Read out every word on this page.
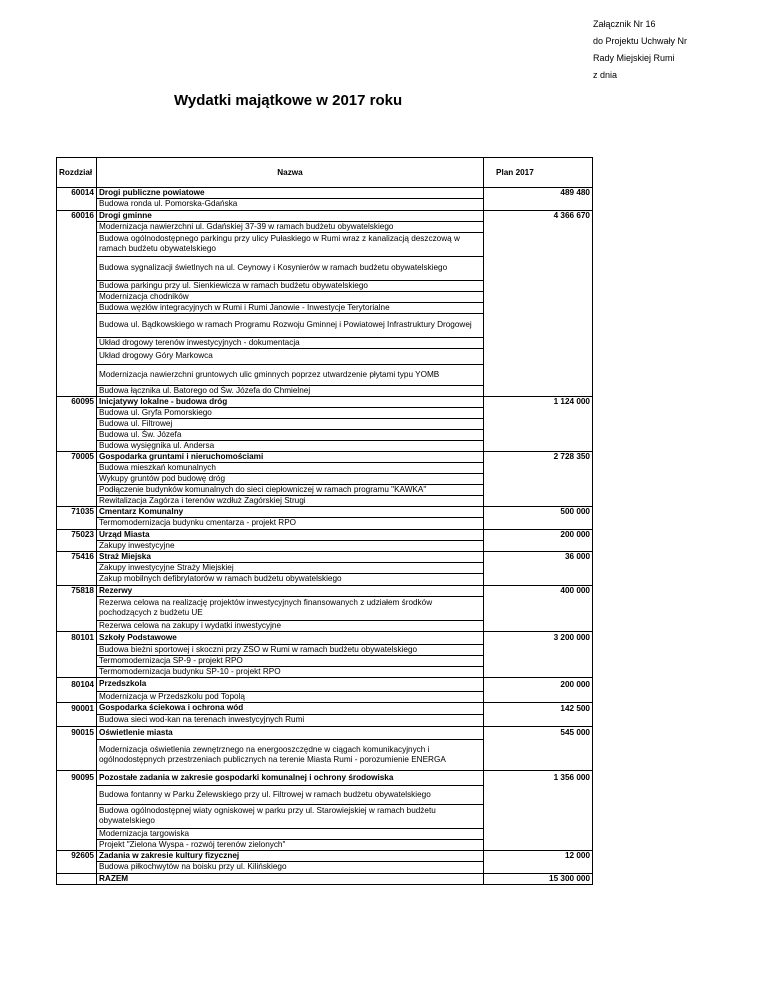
Załącznik Nr 16
do Projektu Uchwały Nr
Rady Miejskiej Rumi
z dnia
Wydatki majątkowe w 2017 roku
Rozdział	Nazwa	Plan 2017
60014	Drogi publiczne powiatowe	489 480
	Budowa ronda ul. Pomorska-Gdańska	
60016	Drogi gminne	4 366 670
	Modernizacja nawierzchni ul. Gdańskiej 37-39 w ramach budżetu obywatelskiego	
	Budowa ogólnodostępnego parkingu przy ulicy Pułaskiego w Rumi wraz z kanalizacją deszczową w ramach budżetu obywatelskiego	
	Budowa sygnalizacji świetlnych na ul. Ceynowy i Kosynierów w ramach budżetu obywatelskiego	
	Budowa parkingu przy ul. Sienkiewicza w ramach budżetu obywatelskiego	
	Modernizacja chodników	
	Budowa węzłów integracyjnych w Rumi i Rumi Janowie - Inwestycje Terytorialne	
	Budowa ul. Bądkowskiego w ramach Programu Rozwoju Gminnej i Powiatowej Infrastruktury Drogowej	
	Układ drogowy terenów inwestycyjnych - dokumentacja	
	Układ drogowy Góry Markowca	
	Modernizacja nawierzchni gruntowych ulic gminnych poprzez utwardzenie płytami typu YOMB	
	Budowa łącznika ul. Batorego od Św. Józefa do Chmielnej	
60095	Inicjatywy lokalne - budowa dróg	1 124 000
	Budowa ul. Gryfa Pomorskiego	
	Budowa ul. Filtrowej	
	Budowa ul. Św. Józefa	
	Budowa wysięgnika ul. Andersa	
70005	Gospodarka gruntami i nieruchomościami	2 728 350
	Budowa mieszkań komunalnych	
	Wykupy gruntów pod budowę dróg	
	Podłączenie budynków komunalnych do sieci ciepłowniczej w ramach programu "KAWKA"	
	Rewitalizacja Zagórza i terenów wzdłuż Zagórskiej Strugi	
71035	Cmentarz Komunalny	500 000
	Termomodernizacja budynku cmentarza - projekt RPO	
75023	Urząd Miasta	200 000
	Zakupy inwestycyjne	
75416	Straż Miejska	36 000
	Zakupy inwestycyjne Straży Miejskiej	
	Zakup mobilnych defibrylatorów w ramach budżetu obywatelskiego	
75818	Rezerwy	400 000
	Rezerwa celowa na realizację projektów inwestycyjnych finansowanych z udziałem środków pochodzących z budżetu UE	
	Rezerwa celowa na zakupy i wydatki inwestycyjne	
80101	Szkoły Podstawowe	3 200 000
	Budowa bieżni sportowej i skoczni przy ZSO w Rumi w ramach budżetu obywatelskiego	
	Termomodernizacja SP-9 - projekt RPO	
	Termomodernizacja budynku SP-10 - projekt RPO	
80104	Przedszkola	200 000
	Modernizacja w Przedszkolu pod Topolą	
90001	Gospodarka ściekowa i ochrona wód	142 500
	Budowa sieci wod-kan na terenach inwestycyjnych Rumi	
90015	Oświetlenie miasta	545 000
	Modernizacja oświetlenia zewnętrznego na energooszczędne w ciągach komunikacyjnych i ogólnodostępnych przestrzeniach publicznych na terenie Miasta Rumi - porozumienie ENERGA	
90095	Pozostałe zadania w zakresie gospodarki komunalnej i ochrony środowiska	1 356 000
	Budowa fontanny w Parku Żelewskiego przy ul. Filtrowej w ramach budżetu obywatelskiego	
	Budowa ogólnodostępnej wiaty ogniskowej w parku przy ul. Starowiejskiej w ramach budżetu obywatelskiego	
	Modernizacja targowiska	
	Projekt "Zielona Wyspa - rozwój terenów zielonych"	
92605	Zadania w zakresie kultury fizycznej	12 000
	Budowa piłkochwytów na boisku przy ul. Kilińskiego	
	RAZEM	15 300 000
